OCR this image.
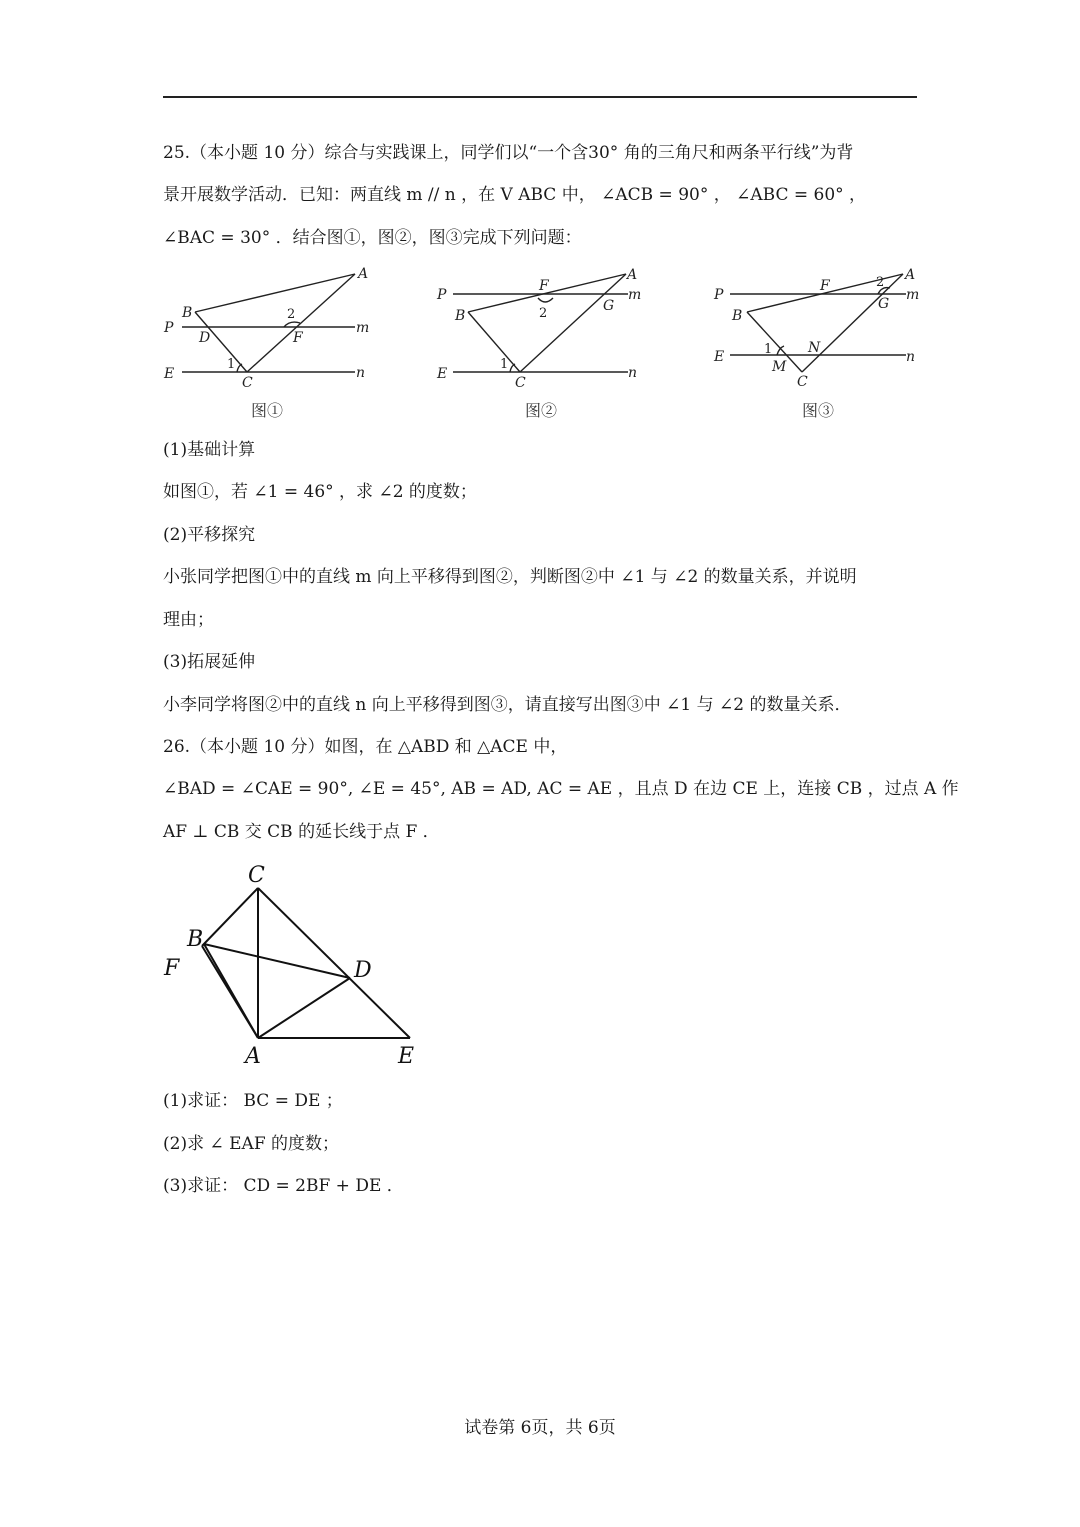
25.（本小题 10 分）综合与实践课上，同学们以“一个含30° 角的三角尺和两条平行线”为背
景开展数学活动．已知：两直线 m // n ，在 V ABC 中， ∠ACB = 90° ， ∠ABC = 60° ，
∠BAC = 30° ．结合图①，图②，图③完成下列问题：
A
B
P
D	F
m
E
C
n
1
2
图①
A
P
F
G
m
B
E
C
n
1
2
图②
A
P
F
G
m
B
E
M
N
C
n
1
2
图③
(1)基础计算
如图①，若 ∠1 = 46° ，求 ∠2 的度数；
(2)平移探究
小张同学把图①中的直线 m 向上平移得到图②，判断图②中 ∠1 与 ∠2 的数量关系，并说明
理由；
(3)拓展延伸
小李同学将图②中的直线 n 向上平移得到图③，请直接写出图③中 ∠1 与 ∠2 的数量关系．
26.（本小题 10 分）如图，在 △ABD 和 △ACE 中，
∠BAD = ∠CAE = 90°, ∠E = 45°, AB = AD, AC = AE ，且点 D 在边 CE 上，连接 CB ，过点 A 作
AF ⊥ CB 交 CB 的延长线于点 F ．
C
B
F	D
A	E
(1)求证： BC = DE ；
(2)求 ∠ EAF 的度数；
(3)求证： CD = 2BF + DE ．
试卷第 6页，共 6页
